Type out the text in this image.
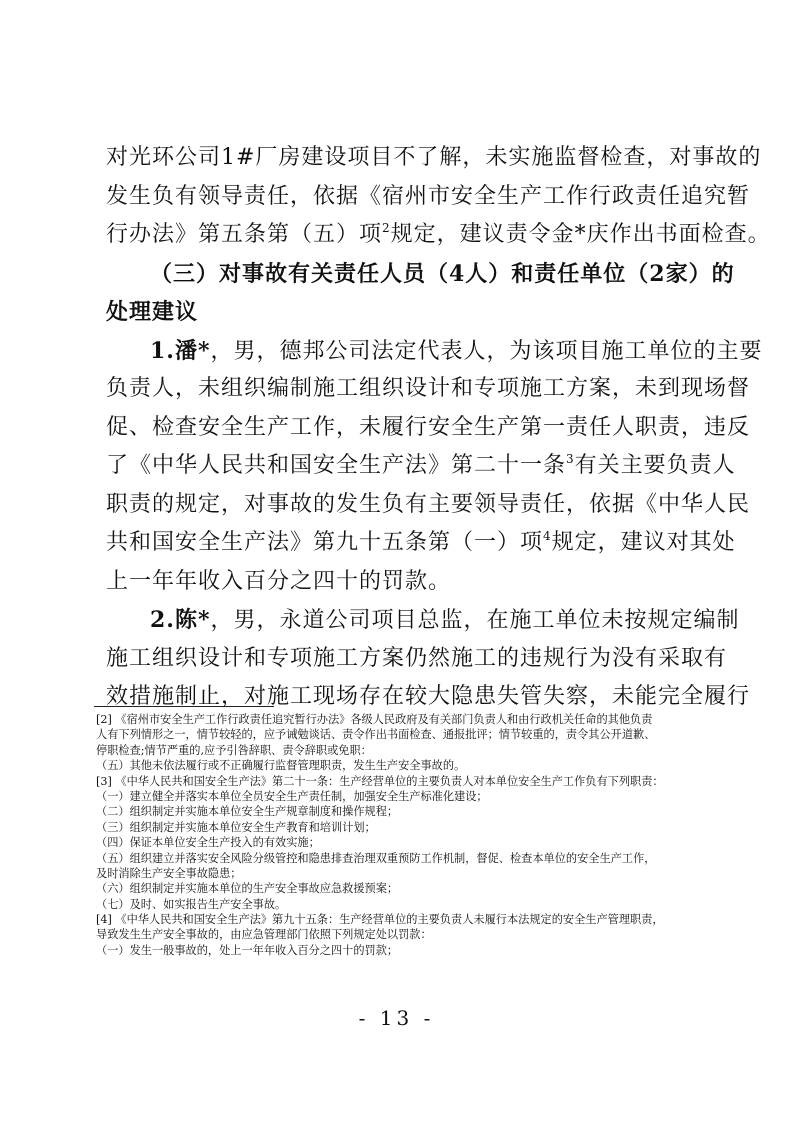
对光环公司1#厂房建设项目不了解，未实施监督检查，对事故的
发生负有领导责任，依据《宿州市安全生产工作行政责任追究暂
行办法》第五条第（五）项$^2$规定，建议责令金*庆作出书面检查。
（三）对事故有关责任人员（4人）和责任单位（2家）的
处理建议
1.潘*，男，德邦公司法定代表人，为该项目施工单位的主要
负责人，未组织编制施工组织设计和专项施工方案，未到现场督
促、检查安全生产工作，未履行安全生产第一责任人职责，违反
了《中华人民共和国安全生产法》第二十一条$^3$有关主要负责人
职责的规定，对事故的发生负有主要领导责任，依据《中华人民
共和国安全生产法》第九十五条第（一）项$^4$规定，建议对其处
上一年年收入百分之四十的罚款。
2.陈*，男，永道公司项目总监，在施工单位未按规定编制
施工组织设计和专项施工方案仍然施工的违规行为没有采取有
效措施制止，对施工现场存在较大隐患失管失察，未能完全履行
[2] 《宿州市安全生产工作行政责任追究暂行办法》各级人民政府及有关部门负责人和由行政机关任命的其他负责
人有下列情形之一，情节较轻的，应予诫勉谈话、责令作出书面检查、通报批评；情节较重的，责令其公开道歉、
停职检查;情节严重的,应予引咎辞职、责令辞职或免职：
（五）其他未依法履行或不正确履行监督管理职责，发生生产安全事故的。
[3] 《中华人民共和国安全生产法》第二十一条：生产经营单位的主要负责人对本单位安全生产工作负有下列职责：
（一）建立健全并落实本单位全员安全生产责任制，加强安全生产标准化建设；
（二）组织制定并实施本单位安全生产规章制度和操作规程；
（三）组织制定并实施本单位安全生产教育和培训计划；
（四）保证本单位安全生产投入的有效实施；
（五）组织建立并落实安全风险分级管控和隐患排查治理双重预防工作机制，督促、检查本单位的安全生产工作，
及时消除生产安全事故隐患；
（六）组织制定并实施本单位的生产安全事故应急救援预案；
（七）及时、如实报告生产安全事故。
[4] 《中华人民共和国安全生产法》第九十五条：生产经营单位的主要负责人未履行本法规定的安全生产管理职责，
导致发生生产安全事故的，由应急管理部门依照下列规定处以罚款：
（一）发生一般事故的，处上一年年收入百分之四十的罚款；
- 13 -
